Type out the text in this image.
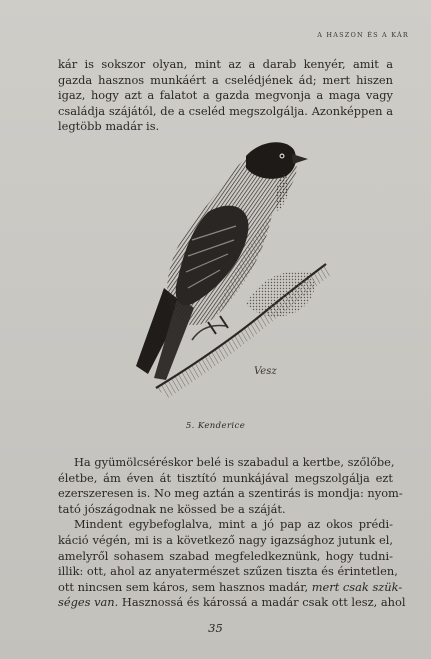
A HASZON ÉS A KÁR

kár is sokszor olyan, mint az a darab kenyér, amit a
gazda hasznos munkáért a cselédjének ád; mert hiszen
igaz, hogy azt a falatot a gazda megvonja a maga vagy
családja szájától, de a cseléd megszolgálja. Azonképpen a
legtöbb madár is.

Vesz
5. Kenderice

Ha gyümölcséréskor belé is szabadul a kertbe, szőlőbe,
életbe, ám éven át tisztító munkájával megszolgálja ezt
ezerszeresen is. No meg aztán a szentirás is mondja: nyom-
tató jószágodnak ne kössed be a száját.
Mindent egybefoglalva, mint a jó pap az okos prédi-
káció végén, mi is a következő nagy igazsághoz jutunk el,
amelyről sohasem szabad megfeledkeznünk, hogy tudni-
illik: ott, ahol az anyatermészet szűzen tiszta és érintetlen,
ott nincsen sem káros, sem hasznos madár, mert csak szük-
séges van. Hasznossá és károssá a madár csak ott lesz, ahol

35
